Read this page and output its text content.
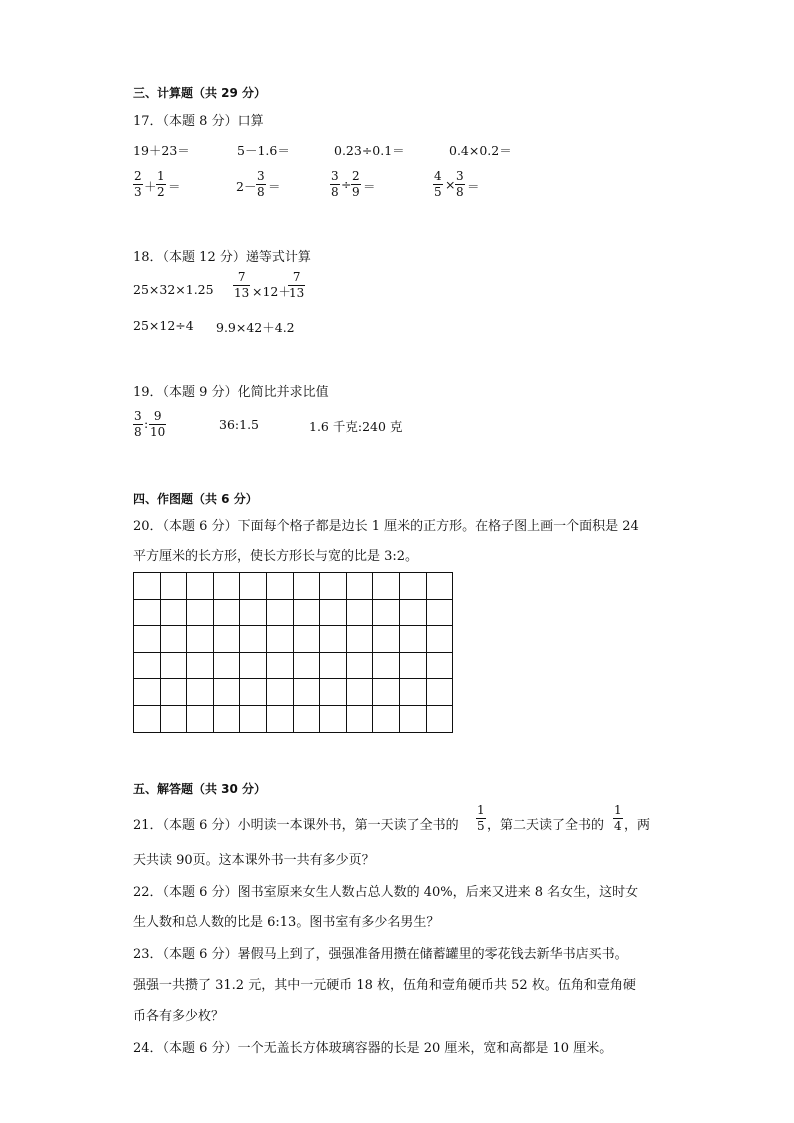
三、计算题（共 29 分）
17．（本题 8 分）口算
19＋23＝	5－1.6＝	0.23÷0.1＝	0.4×0.2＝
$\frac{2}{3} + \frac{1}{2}$ ＝	$2- \frac{3}{8}$ ＝	$\frac{3}{8} \div \frac{2}{9}$ ＝	$\frac{4}{5} \times \frac{3}{8}$ ＝
18．（本题 12 分）递等式计算
$25\times 32\times 1.25 \frac{7}{13} \times 12+$
$\frac{7}{13}$
25×12÷4 9.9×42＋4.2
19．（本题 9 分）化简比并求比值
$\frac{3}{8}$ : $\frac{9}{10}$	36:1.5	1.6 千克:240 克
四、作图题（共 6 分）
20．（本题 6 分）下面每个格子都是边长 1 厘米的正方形。在格子图上画一个面积是 24
平方厘米的长方形，使长方形长与宽的比是 3:2。
五、解答题（共 30 分）
21．（本题 6 分）小明读一本课外书，第一天读了全书的 $\frac{1}{5}$ ，第二天读了全书的 $\frac{1}{4}$ ，两
天共读 90页。这本课外书一共有多少页？
22．（本题 6 分）图书室原来女生人数占总人数的 40%，后来又进来 8 名女生，这时女
生人数和总人数的比是 6:13。图书室有多少名男生？
23．（本题 6 分）暑假马上到了，强强准备用攒在储蓄罐里的零花钱去新华书店买书。
强强一共攒了 31.2 元，其中一元硬币 18 枚，伍角和壹角硬币共 52 枚。伍角和壹角硬
币各有多少枚？
24．（本题 6 分）一个无盖长方体玻璃容器的长是 20 厘米，宽和高都是 10 厘米。
